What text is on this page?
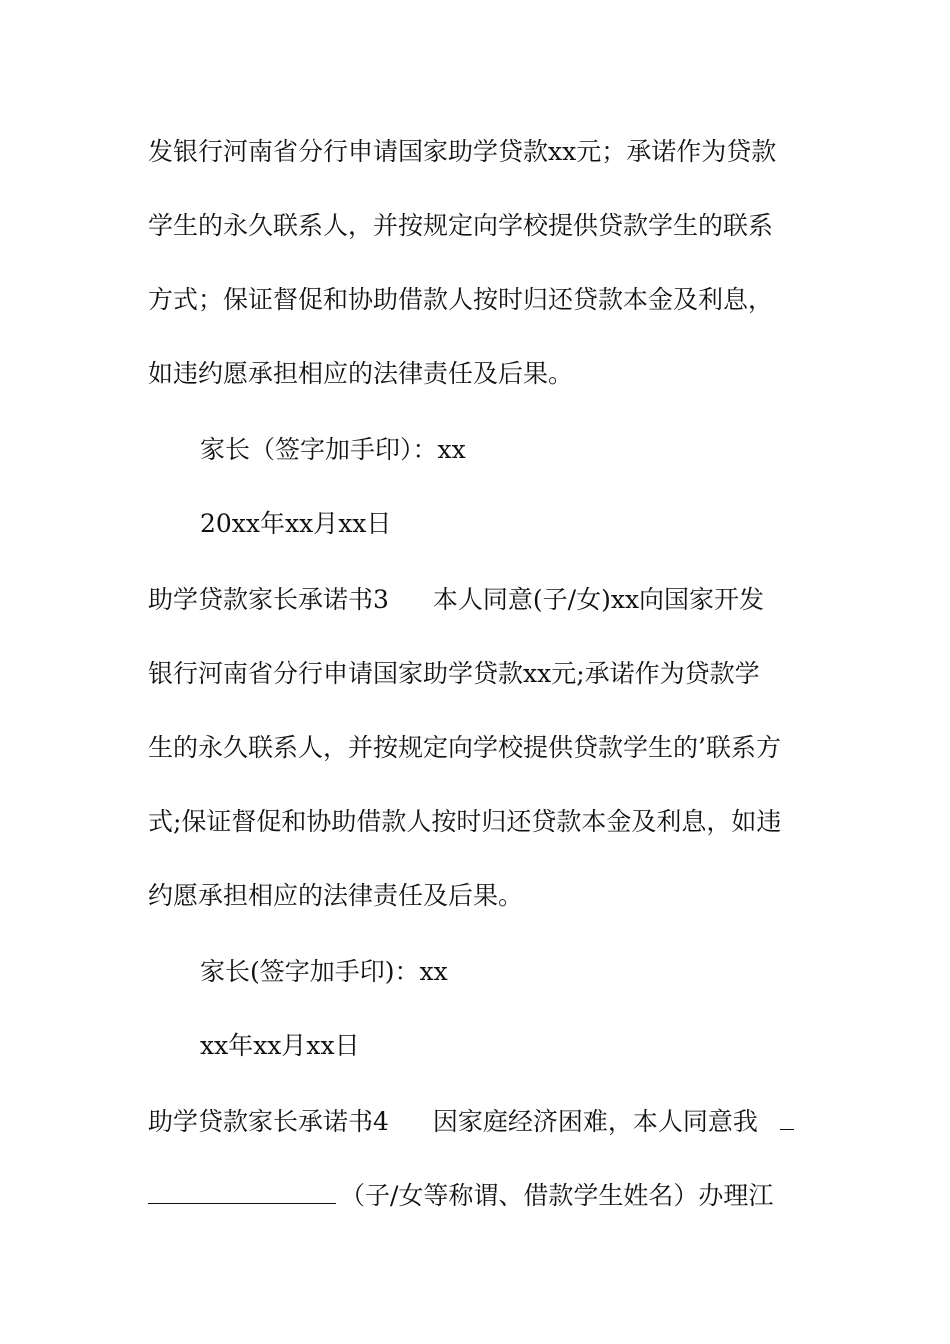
发银行河南省分行申请国家助学贷款xx元；承诺作为贷款
学生的永久联系人，并按规定向学校提供贷款学生的联系
方式；保证督促和协助借款人按时归还贷款本金及利息，
如违约愿承担相应的法律责任及后果。
家长（签字加手印）：xx
20xx年xx月xx日
助学贷款家长承诺书3 本人同意(子/女)xx向国家开发
银行河南省分行申请国家助学贷款xx元;承诺作为贷款学
生的永久联系人，并按规定向学校提供贷款学生的’联系方
式;保证督促和协助借款人按时归还贷款本金及利息，如违
约愿承担相应的法律责任及后果。
家长(签字加手印)：xx
xx年xx月xx日
助学贷款家长承诺书4 因家庭经济困难，本人同意我
（子/女等称谓、借款学生姓名）办理江
